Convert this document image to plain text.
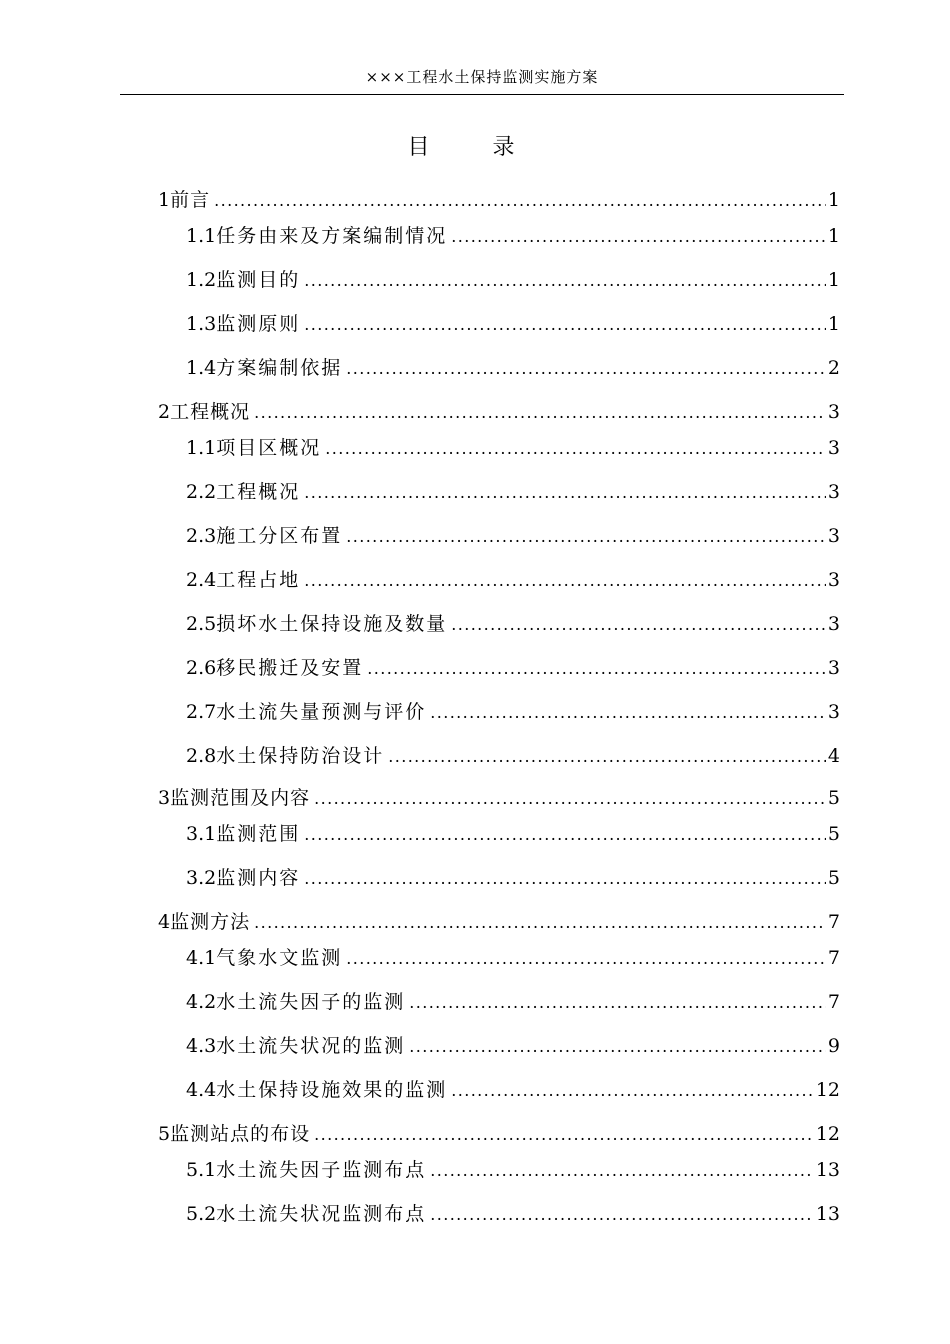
×××工程水土保持监测实施方案
目 录
1 前言 .....	1
1.1 任务由来及方案编制情况 .....	1
1.2 监测目的 .....	1
1.3 监测原则 .....	1
1.4 方案编制依据 .....	2
2 工程概况 .....	3
1.1 项目区概况 .....	3
2.2 工程概况 .....	3
2.3 施工分区布置 .....	3
2.4 工程占地 .....	3
2.5 损坏水土保持设施及数量 .....	3
2.6 移民搬迁及安置 .....	3
2.7 水土流失量预测与评价 .....	3
2.8 水土保持防治设计 .....	4
3 监测范围及内容 .....	5
3.1 监测范围 .....	5
3.2 监测内容 .....	5
4 监测方法 .....	7
4.1 气象水文监测 .....	7
4.2 水土流失因子的监测 .....	7
4.3 水土流失状况的监测 .....	9
4.4 水土保持设施效果的监测 .....	12
5 监测站点的布设 .....	12
5.1 水土流失因子监测布点 .....	13
5.2 水土流失状况监测布点 .....	13
